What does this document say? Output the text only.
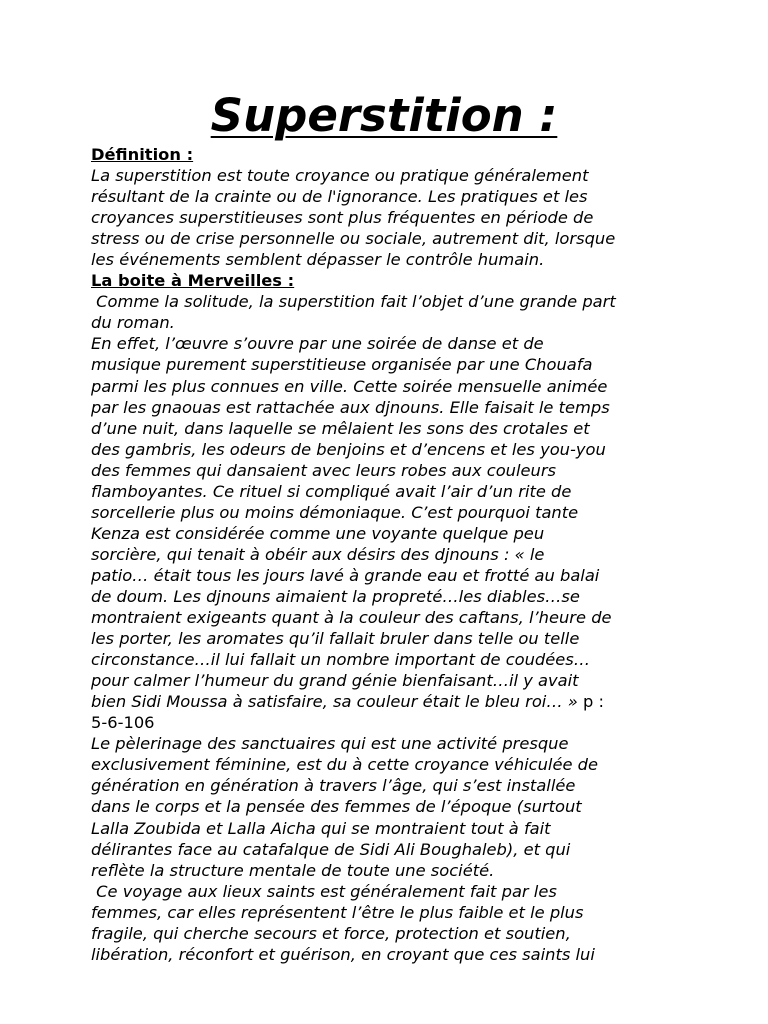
Superstition :
Définition :
La superstition est toute croyance ou pratique généralement
résultant de la crainte ou de l'ignorance. Les pratiques et les
croyances superstitieuses sont plus fréquentes en période de
stress ou de crise personnelle ou sociale, autrement dit, lorsque
les événements semblent dépasser le contrôle humain.
La boite à Merveilles :
Comme la solitude, la superstition fait l’objet d’une grande part
du roman.
En effet, l’œuvre s’ouvre par une soirée de danse et de
musique purement superstitieuse organisée par une Chouafa
parmi les plus connues en ville. Cette soirée mensuelle animée
par les gnaouas est rattachée aux djnouns. Elle faisait le temps
d’une nuit, dans laquelle se mêlaient les sons des crotales et
des gambris, les odeurs de benjoins et d’encens et les you-you
des femmes qui dansaient avec leurs robes aux couleurs
flamboyantes. Ce rituel si compliqué avait l’air d’un rite de
sorcellerie plus ou moins démoniaque. C’est pourquoi tante
Kenza est considérée comme une voyante quelque peu
sorcière, qui tenait à obéir aux désirs des djnouns : « le
patio… était tous les jours lavé à grande eau et frotté au balai
de doum. Les djnouns aimaient la propreté…les diables…se
montraient exigeants quant à la couleur des caftans, l’heure de
les porter, les aromates qu’il fallait bruler dans telle ou telle
circonstance…il lui fallait un nombre important de coudées…
pour calmer l’humeur du grand génie bienfaisant…il y avait
bien Sidi Moussa à satisfaire, sa couleur était le bleu roi… » p :
5-6-106
Le pèlerinage des sanctuaires qui est une activité presque
exclusivement féminine, est du à cette croyance véhiculée de
génération en génération à travers l’âge, qui s’est installée
dans le corps et la pensée des femmes de l’époque (surtout
Lalla Zoubida et Lalla Aicha qui se montraient tout à fait
délirantes face au catafalque de Sidi Ali Boughaleb), et qui
reflète la structure mentale de toute une société.
Ce voyage aux lieux saints est généralement fait par les
femmes, car elles représentent l’être le plus faible et le plus
fragile, qui cherche secours et force, protection et soutien,
libération, réconfort et guérison, en croyant que ces saints lui
